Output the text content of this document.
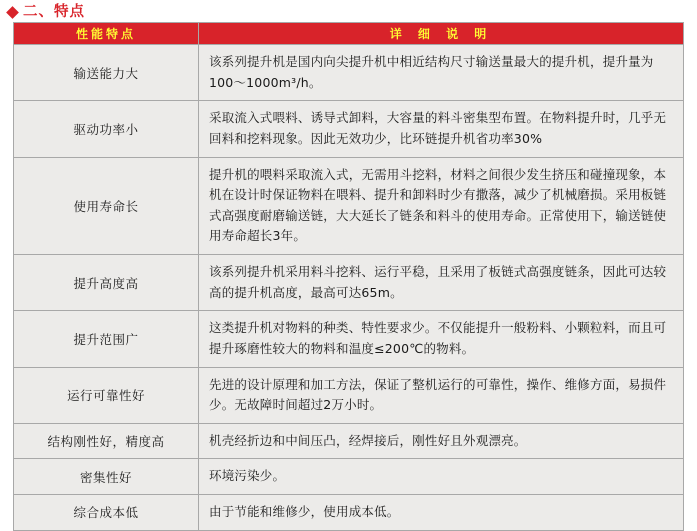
二、特点
性能特点	详 细 说 明
输送能力大	该系列提升机是国内向尖提升机中相近结构尺寸输送量最大的提升机，提升量为100～1000m³/h。
驱动功率小	采取流入式喂料、诱导式卸料，大容量的料斗密集型布置。在物料提升时，几乎无回料和挖料现象。因此无效功少，比环链提升机省功率30%
使用寿命长	提升机的喂料采取流入式，无需用斗挖料，材料之间很少发生挤压和碰撞现象，本机在设计时保证物料在喂料、提升和卸料时少有撒落，减少了机械磨损。采用板链式高强度耐磨输送链，大大延长了链条和料斗的使用寿命。正常使用下，输送链使用寿命超长3年。
提升高度高	该系列提升机采用料斗挖料、运行平稳，且采用了板链式高强度链条，因此可达较高的提升机高度，最高可达65m。
提升范围广	这类提升机对物料的种类、特性要求少。不仅能提升一般粉料、小颗粒料，而且可提升琢磨性较大的物料和温度≤200℃的物料。
运行可靠性好	先进的设计原理和加工方法，保证了整机运行的可靠性，操作、维修方面，易损件少。无故障时间超过2万小时。
结构刚性好，精度高	机壳经折边和中间压凸，经焊接后，刚性好且外观漂亮。
密集性好	环境污染少。
综合成本低	由于节能和维修少，使用成本低。
